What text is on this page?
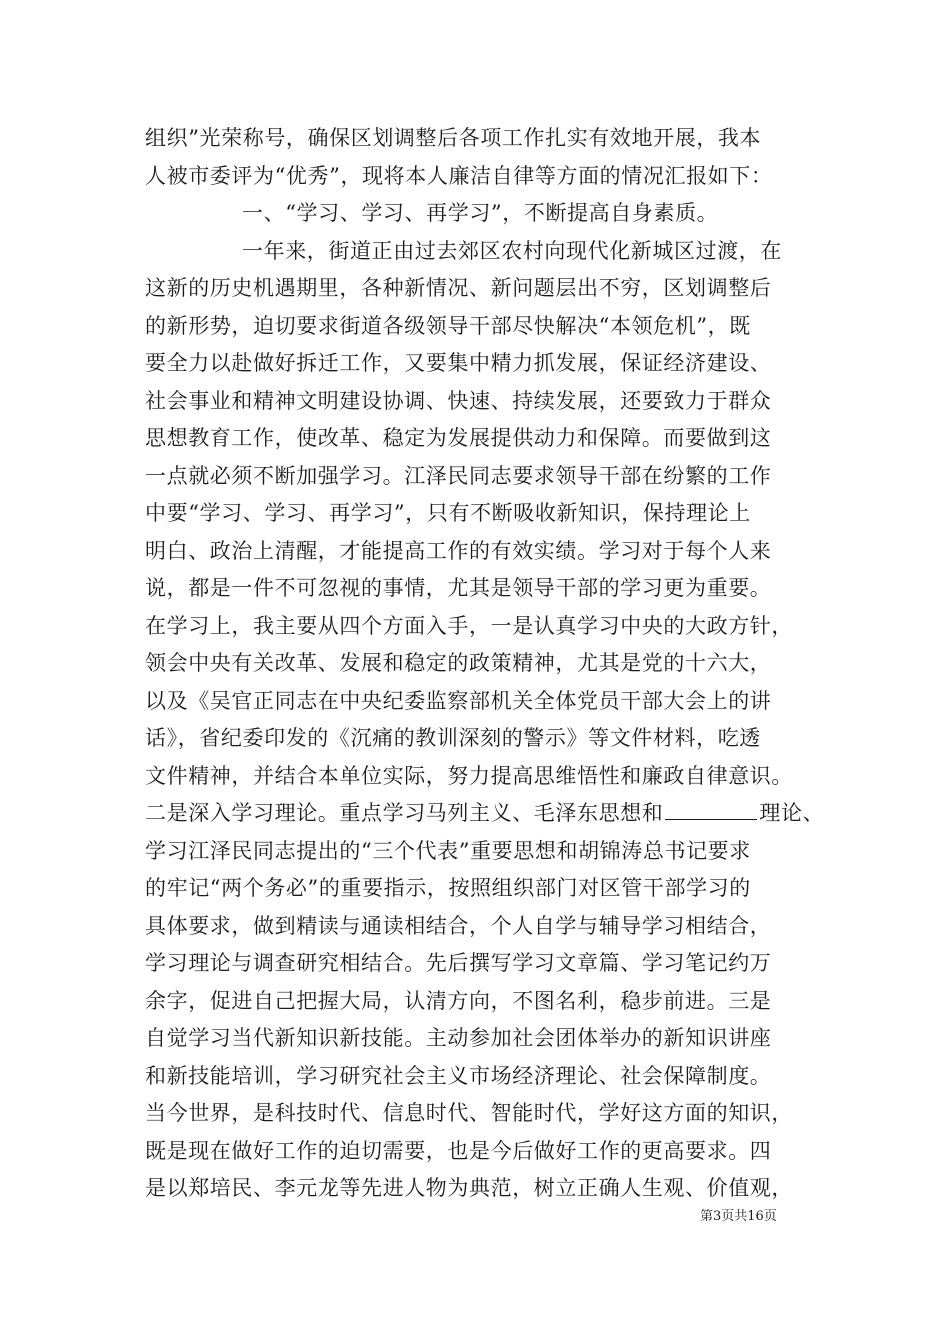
组织”光荣称号，确保区划调整后各项工作扎实有效地开展，我本
人被市委评为“优秀”，现将本人廉洁自律等方面的情况汇报如下：
一、“学习、学习、再学习”，不断提高自身素质。
一年来，街道正由过去郊区农村向现代化新城区过渡，在
这新的历史机遇期里，各种新情况、新问题层出不穷，区划调整后
的新形势，迫切要求街道各级领导干部尽快解决“本领危机”，既
要全力以赴做好拆迁工作，又要集中精力抓发展，保证经济建设、
社会事业和精神文明建设协调、快速、持续发展，还要致力于群众
思想教育工作，使改革、稳定为发展提供动力和保障。而要做到这
一点就必须不断加强学习。江泽民同志要求领导干部在纷繁的工作
中要“学习、学习、再学习”，只有不断吸收新知识，保持理论上
明白、政治上清醒，才能提高工作的有效实绩。学习对于每个人来
说，都是一件不可忽视的事情，尤其是领导干部的学习更为重要。
在学习上，我主要从四个方面入手，一是认真学习中央的大政方针，
领会中央有关改革、发展和稳定的政策精神，尤其是党的十六大，
以及《吴官正同志在中央纪委监察部机关全体党员干部大会上的讲
话》，省纪委印发的《沉痛的教训深刻的警示》等文件材料，吃透
文件精神，并结合本单位实际，努力提高思维悟性和廉政自律意识。
二是深入学习理论。重点学习马列主义、毛泽东思想和	理论、
学习江泽民同志提出的“三个代表”重要思想和胡锦涛总书记要求
的牢记“两个务必”的重要指示，按照组织部门对区管干部学习的
具体要求，做到精读与通读相结合，个人自学与辅导学习相结合，
学习理论与调查研究相结合。先后撰写学习文章篇、学习笔记约万
余字，促进自己把握大局，认清方向，不图名利，稳步前进。三是
自觉学习当代新知识新技能。主动参加社会团体举办的新知识讲座
和新技能培训，学习研究社会主义市场经济理论、社会保障制度。
当今世界，是科技时代、信息时代、智能时代，学好这方面的知识，
既是现在做好工作的迫切需要，也是今后做好工作的更高要求。四
是以郑培民、李元龙等先进人物为典范，树立正确人生观、价值观，
第3页共16页
